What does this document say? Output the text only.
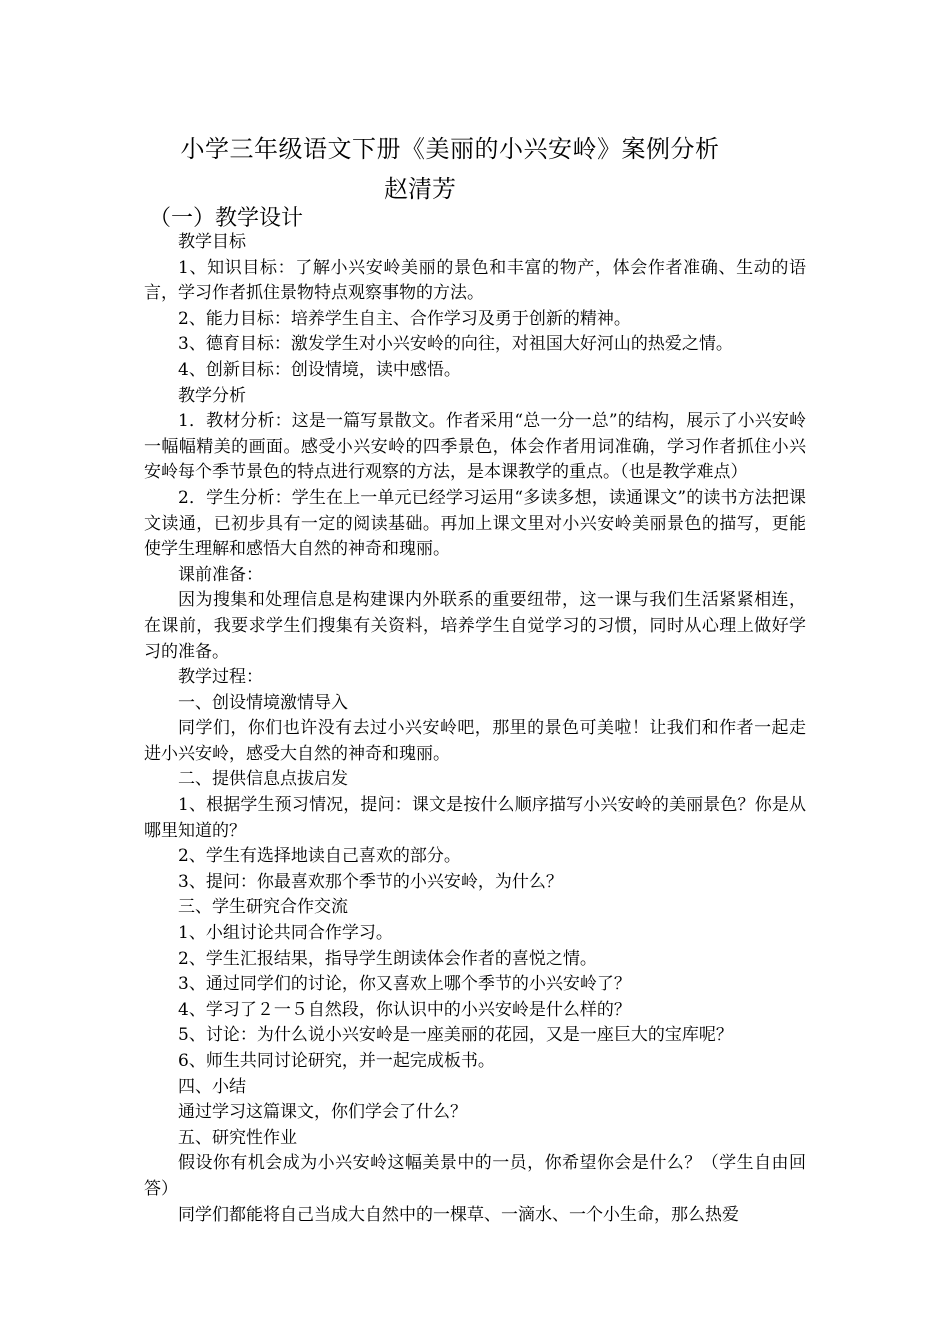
小学三年级语文下册《美丽的小兴安岭》案例分析
赵清芳
（一）教学设计

教学目标

1、知识目标：了解小兴安岭美丽的景色和丰富的物产，体会作者准确、生动的语言，学习作者抓住景物特点观察事物的方法。

2、能力目标：培养学生自主、合作学习及勇于创新的精神。

3、德育目标：激发学生对小兴安岭的向往，对祖国大好河山的热爱之情。

4、创新目标：创设情境，读中感悟。

教学分析

1．教材分析：这是一篇写景散文。作者采用“总一分一总”的结构，展示了小兴安岭一幅幅精美的画面。感受小兴安岭的四季景色，体会作者用词准确，学习作者抓住小兴安岭每个季节景色的特点进行观察的方法，是本课教学的重点。（也是教学难点）

2．学生分析：学生在上一单元已经学习运用“多读多想，读通课文”的读书方法把课文读通，已初步具有一定的阅读基础。再加上课文里对小兴安岭美丽景色的描写，更能使学生理解和感悟大自然的神奇和瑰丽。

课前准备：

因为搜集和处理信息是构建课内外联系的重要纽带，这一课与我们生活紧紧相连，在课前，我要求学生们搜集有关资料，培养学生自觉学习的习惯，同时从心理上做好学习的准备。

教学过程：

一、创设情境激情导入

同学们，你们也许没有去过小兴安岭吧，那里的景色可美啦！让我们和作者一起走进小兴安岭，感受大自然的神奇和瑰丽。

二、提供信息点拔启发

1、根据学生预习情况，提问：课文是按什么顺序描写小兴安岭的美丽景色？你是从哪里知道的？

2、学生有选择地读自己喜欢的部分。

3、提问：你最喜欢那个季节的小兴安岭，为什么？

三、学生研究合作交流

1、小组讨论共同合作学习。

2、学生汇报结果，指导学生朗读体会作者的喜悦之情。

3、通过同学们的讨论，你又喜欢上哪个季节的小兴安岭了？

4、学习了２一５自然段，你认识中的小兴安岭是什么样的？

5、讨论：为什么说小兴安岭是一座美丽的花园，又是一座巨大的宝库呢？

6、师生共同讨论研究，并一起完成板书。

四、小结

通过学习这篇课文，你们学会了什么？

五、研究性作业

假设你有机会成为小兴安岭这幅美景中的一员，你希望你会是什么？（学生自由回答）

同学们都能将自己当成大自然中的一棵草、一滴水、一个小生命，那么热爱
